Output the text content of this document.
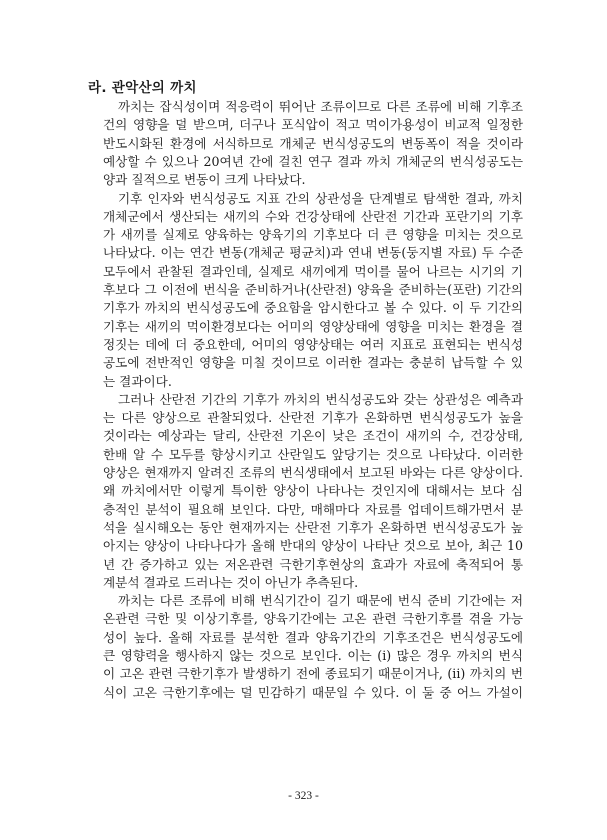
라. 관악산의 까치
까치는 잡식성이며 적응력이 뛰어난 조류이므로 다른 조류에 비해 기후조
건의 영향을 덜 받으며, 더구나 포식압이 적고 먹이가용성이 비교적 일정한
반도시화된 환경에 서식하므로 개체군 번식성공도의 변동폭이 적을 것이라
예상할 수 있으나 20여년 간에 걸친 연구 결과 까치 개체군의 번식성공도는
양과 질적으로 변동이 크게 나타났다.
기후 인자와 번식성공도 지표 간의 상관성을 단계별로 탐색한 결과, 까치
개체군에서 생산되는 새끼의 수와 건강상태에 산란전 기간과 포란기의 기후
가 새끼를 실제로 양육하는 양육기의 기후보다 더 큰 영향을 미치는 것으로
나타났다. 이는 연간 변동(개체군 평균치)과 연내 변동(둥지별 자료) 두 수준
모두에서 관찰된 결과인데, 실제로 새끼에게 먹이를 물어 나르는 시기의 기
후보다 그 이전에 번식을 준비하거나(산란전) 양육을 준비하는(포란) 기간의
기후가 까치의 번식성공도에 중요함을 암시한다고 볼 수 있다. 이 두 기간의
기후는 새끼의 먹이환경보다는 어미의 영양상태에 영향을 미치는 환경을 결
정짓는 데에 더 중요한데, 어미의 영양상태는 여러 지표로 표현되는 번식성
공도에 전반적인 영향을 미칠 것이므로 이러한 결과는 충분히 납득할 수 있
는 결과이다.
그러나 산란전 기간의 기후가 까치의 번식성공도와 갖는 상관성은 예측과
는 다른 양상으로 관찰되었다. 산란전 기후가 온화하면 번식성공도가 높을
것이라는 예상과는 달리, 산란전 기온이 낮은 조건이 새끼의 수, 건강상태,
한배 알 수 모두를 향상시키고 산란일도 앞당기는 것으로 나타났다. 이러한
양상은 현재까지 알려진 조류의 번식생태에서 보고된 바와는 다른 양상이다.
왜 까치에서만 이렇게 특이한 양상이 나타나는 것인지에 대해서는 보다 심
층적인 분석이 필요해 보인다. 다만, 매해마다 자료를 업데이트해가면서 분
석을 실시해오는 동안 현재까지는 산란전 기후가 온화하면 번식성공도가 높
아지는 양상이 나타나다가 올해 반대의 양상이 나타난 것으로 보아, 최근 10
년 간 증가하고 있는 저온관련 극한기후현상의 효과가 자료에 축적되어 통
계분석 결과로 드러나는 것이 아닌가 추측된다.
까치는 다른 조류에 비해 번식기간이 길기 때문에 번식 준비 기간에는 저
온관련 극한 및 이상기후를, 양육기간에는 고온 관련 극한기후를 겪을 가능
성이 높다. 올해 자료를 분석한 결과 양육기간의 기후조건은 번식성공도에
큰 영향력을 행사하지 않는 것으로 보인다. 이는 (i) 많은 경우 까치의 번식
이 고온 관련 극한기후가 발생하기 전에 종료되기 때문이거나, (ii) 까치의 번
식이 고온 극한기후에는 덜 민감하기 때문일 수 있다. 이 둘 중 어느 가설이
- 323 -
